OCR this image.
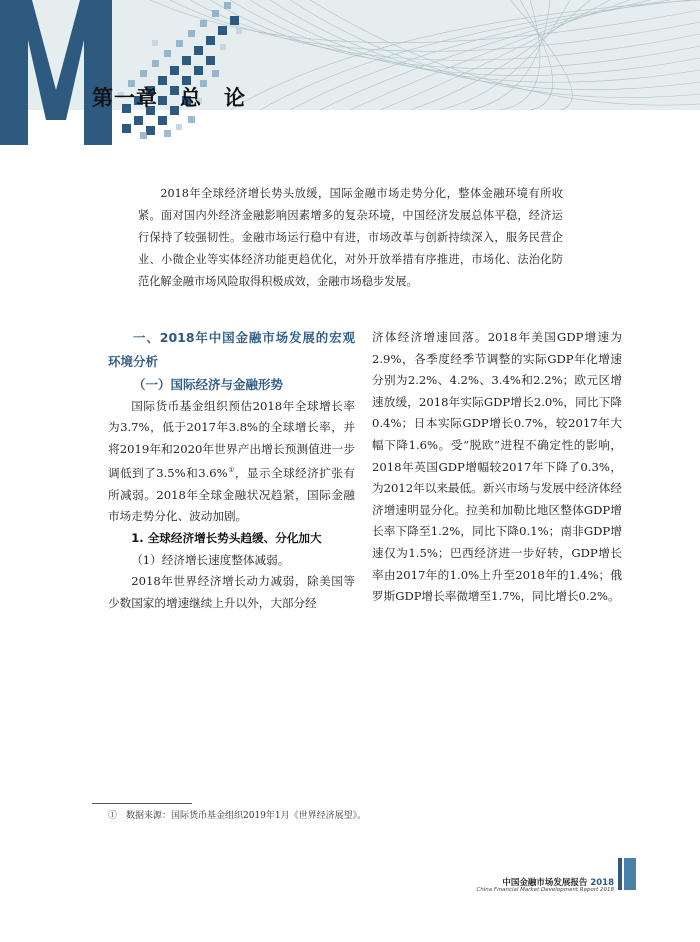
第一章　总　论

2018年全球经济增长势头放缓，国际金融市场走势分化，整体金融环境有所收紧。面对国内外经济金融影响因素增多的复杂环境，中国经济发展总体平稳，经济运行保持了较强韧性。金融市场运行稳中有进，市场改革与创新持续深入，服务民营企业、小微企业等实体经济功能更趋优化，对外开放举措有序推进，市场化、法治化防范化解金融市场风险取得积极成效，金融市场稳步发展。

一、2018年中国金融市场发展的宏观环境分析

（一）国际经济与金融形势

国际货币基金组织预估2018年全球增长率为3.7%，低于2017年3.8%的全球增长率，并将2019年和2020年世界产出增长预测值进一步调低到了3.5%和3.6%①，显示全球经济扩张有所减弱。2018年全球金融状况趋紧，国际金融市场走势分化、波动加剧。

1. 全球经济增长势头趋缓、分化加大

（1）经济增长速度整体减弱。

2018年世界经济增长动力减弱，除美国等少数国家的增速继续上升以外，大部分经

济体经济增速回落。2018年美国GDP增速为2.9%，各季度经季节调整的实际GDP年化增速分别为2.2%、4.2%、3.4%和2.2%；欧元区增速放缓，2018年实际GDP增长2.0%，同比下降0.4%；日本实际GDP增长0.7%，较2017年大幅下降1.6%。受“脱欧”进程不确定性的影响，2018年英国GDP增幅较2017年下降了0.3%，为2012年以来最低。新兴市场与发展中经济体经济增速明显分化。拉美和加勒比地区整体GDP增长率下降至1.2%，同比下降0.1%；南非GDP增速仅为1.5%；巴西经济进一步好转，GDP增长率由2017年的1.0%上升至2018年的1.4%；俄罗斯GDP增长率微增至1.7%，同比增长0.2%。

①　数据来源：国际货币基金组织2019年1月《世界经济展望》。
中国金融市场发展报告 2018
China Financial Market Development Report 2018
